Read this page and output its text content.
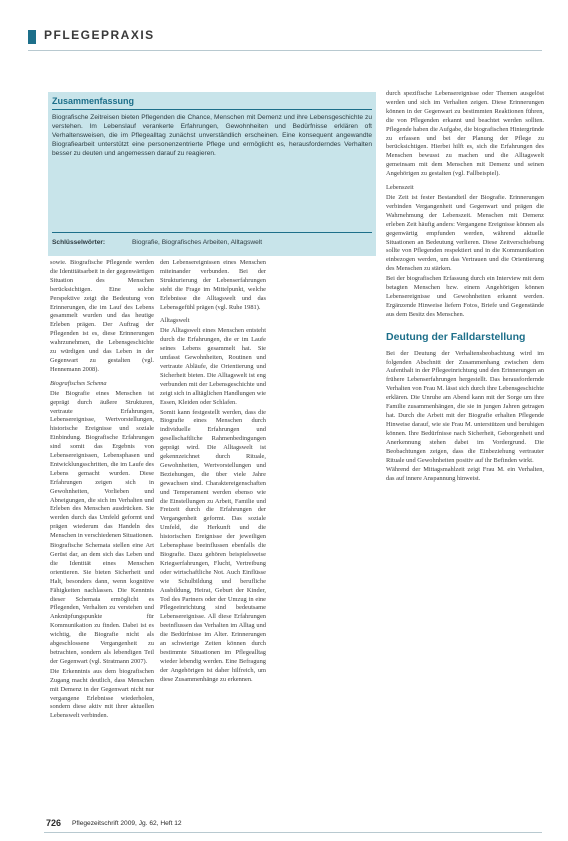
PFLEGEPRAXIS
Zusammenfassung
Biografische Zeitreisen bieten Pflegenden die Chance, Menschen mit Demenz und ihre Lebensgeschichte zu verstehen. Im Lebenslauf verankerte Erfahrungen, Gewohnheiten und Bedürfnisse erklären oft Verhaltensweisen, die im Pflegealltag zunächst unverständlich erscheinen. Eine konsequent angewandte Biografiearbeit unterstützt eine personenzentrierte Pflege und ermöglicht es, herausforderndes Verhalten besser zu deuten und angemessen darauf zu reagieren.
Schlüsselwörter:	Biografie, Biografisches Arbeiten, Alltagswelt

sowie. Biografische Pflegende werden die Identitätsarbeit in der gegenwärtigen Situation des Menschen berücksichtigen. Eine solche Perspektive zeigt die Bedeutung von Erinnerungen, die im Lauf des Lebens gesammelt wurden und das heutige Erleben prägen. Der Auftrag der Pflegenden ist es, diese Erinnerungen wahrzunehmen, die Lebensgeschichte zu würdigen und das Leben in der Gegenwart zu gestalten (vgl. Hennemann 2008).

Biografisches Schema

Die Biografie eines Menschen ist geprägt durch äußere Strukturen, vertraute Erfahrungen, Lebensereignisse, Wertvorstellungen, historische Ereignisse und soziale Einbindung. Biografische Erfahrungen sind somit das Ergebnis von Lebensereignissen, Lebensphasen und Entwicklungsschritten, die im Laufe des Lebens gemacht wurden. Diese Erfahrungen zeigen sich in Gewohnheiten, Vorlieben und Abneigungen, die sich im Verhalten und Erleben des Menschen ausdrücken. Sie werden durch das Umfeld geformt und prägen wiederum das Handeln des Menschen in verschiedenen Situationen.

Biografische Schemata stellen eine Art Gerüst dar, an dem sich das Leben und die Identität eines Menschen orientieren. Sie bieten Sicherheit und Halt, besonders dann, wenn kognitive Fähigkeiten nachlassen. Die Kenntnis dieser Schemata ermöglicht es Pflegenden, Verhalten zu verstehen und Anknüpfungspunkte für Kommunikation zu finden. Dabei ist es wichtig, die Biografie nicht als abgeschlossene Vergangenheit zu betrachten, sondern als lebendigen Teil der Gegenwart (vgl. Stratmann 2007).

Die Erkenntnis aus dem biografischen Zugang macht deutlich, dass Menschen mit Demenz in der Gegenwart nicht nur vergangene Erlebnisse wiederholen, sondern diese aktiv mit ihrer aktuellen Lebenswelt verbinden.

den Lebensereignissen eines Menschen miteinander verbunden. Bei der Strukturierung der Lebenserfahrungen steht die Frage im Mittelpunkt, welche Erlebnisse die Alltagswelt und das Lebensgefühl prägen (vgl. Ruhe 1981).

Alltagswelt

Die Alltagswelt eines Menschen entsteht durch die Erfahrungen, die er im Laufe seines Lebens gesammelt hat. Sie umfasst Gewohnheiten, Routinen und vertraute Abläufe, die Orientierung und Sicherheit bieten. Die Alltagswelt ist eng verbunden mit der Lebensgeschichte und zeigt sich in alltäglichen Handlungen wie Essen, Kleiden oder Schlafen.

Somit kann festgestellt werden, dass die Biografie eines Menschen durch individuelle Erfahrungen und gesellschaftliche Rahmenbedingungen geprägt wird. Die Alltagswelt ist gekennzeichnet durch Rituale, Gewohnheiten, Wertvorstellungen und Beziehungen, die über viele Jahre gewachsen sind. Charaktereigenschaften und Temperament werden ebenso wie die Einstellungen zu Arbeit, Familie und Freizeit durch die Erfahrungen der Vergangenheit geformt. Das soziale Umfeld, die Herkunft und die historischen Ereignisse der jeweiligen Lebensphase beeinflussen ebenfalls die Biografie. Dazu gehören beispielsweise Kriegserfahrungen, Flucht, Vertreibung oder wirtschaftliche Not. Auch Einflüsse wie Schulbildung und berufliche Ausbildung, Heirat, Geburt der Kinder, Tod des Partners oder der Umzug in eine Pflegeeinrichtung sind bedeutsame Lebensereignisse. All diese Erfahrungen beeinflussen das Verhalten im Alltag und die Bedürfnisse im Alter. Erinnerungen an schwierige Zeiten können durch bestimmte Situationen im Pflegealltag wieder lebendig werden. Eine Befragung der Angehörigen ist daher hilfreich, um diese Zusammenhänge zu erkennen.

durch spezifische Lebensereignisse oder Themen ausgelöst werden und sich im Verhalten zeigen. Diese Erinnerungen können in der Gegenwart zu bestimmten Reaktionen führen, die von Pflegenden erkannt und beachtet werden sollten. Pflegende haben die Aufgabe, die biografischen Hintergründe zu erfassen und bei der Planung der Pflege zu berücksichtigen. Hierbei hilft es, sich die Erfahrungen des Menschen bewusst zu machen und die Alltagswelt gemeinsam mit dem Menschen mit Demenz und seinen Angehörigen zu gestalten (vgl. Fallbeispiel).

Lebenszeit

Die Zeit ist fester Bestandteil der Biografie. Erinnerungen verbinden Vergangenheit und Gegenwart und prägen die Wahrnehmung der Lebenszeit. Menschen mit Demenz erleben Zeit häufig anders: Vergangene Ereignisse können als gegenwärtig empfunden werden, während aktuelle Situationen an Bedeutung verlieren. Diese Zeitverschiebung sollte von Pflegenden respektiert und in die Kommunikation einbezogen werden, um das Vertrauen und die Orientierung des Menschen zu stärken.

Bei der biografischen Erfassung durch ein Interview mit dem betagten Menschen bzw. einem Angehörigen können Lebensereignisse und Gewohnheiten erkannt werden. Ergänzende Hinweise liefern Fotos, Briefe und Gegenstände aus dem Besitz des Menschen.

Deutung der Falldarstellung

Bei der Deutung der Verhaltensbeobachtung wird im folgenden Abschnitt der Zusammenhang zwischen dem Aufenthalt in der Pflegeeinrichtung und den Erinnerungen an frühere Lebenserfahrungen hergestellt. Das herausfordernde Verhalten von Frau M. lässt sich durch ihre Lebensgeschichte erklären. Die Unruhe am Abend kann mit der Sorge um ihre Familie zusammenhängen, die sie in jungen Jahren getragen hat. Durch die Arbeit mit der Biografie erhalten Pflegende Hinweise darauf, wie sie Frau M. unterstützen und beruhigen können. Ihre Bedürfnisse nach Sicherheit, Geborgenheit und Anerkennung stehen dabei im Vordergrund. Die Beobachtungen zeigen, dass die Einbeziehung vertrauter Rituale und Gewohnheiten positiv auf ihr Befinden wirkt.

Während der Mittagsmahlzeit zeigt Frau M. ein Verhalten, das auf innere Anspannung hinweist.

726 Pflegezeitschrift 2009, Jg. 62, Heft 12
